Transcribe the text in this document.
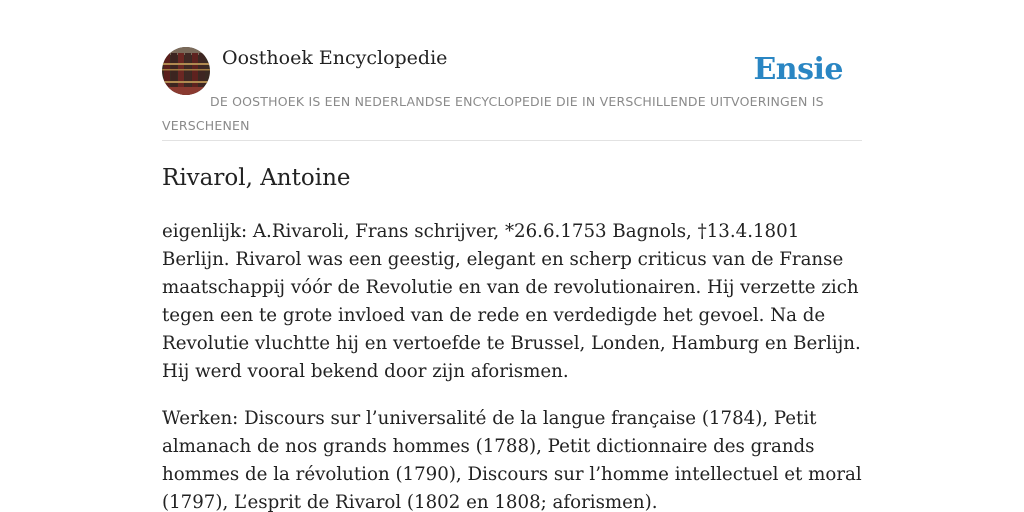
Oosthoek Encyclopedie	Ensie
DE OOSTHOEK IS EEN NEDERLANDSE ENCYCLOPEDIE DIE IN VERSCHILLENDE UITVOERINGEN IS VERSCHENEN
Rivarol, Antoine

eigenlijk: A.Rivaroli, Frans schrijver, *26.6.1753 Bagnols, †13.4.1801 Berlijn. Rivarol was een geestig, elegant en scherp criticus van de Franse maatschappij vóór de Revolutie en van de revolutionairen. Hij verzette zich tegen een te grote invloed van de rede en verdedigde het gevoel. Na de Revolutie vluchtte hij en vertoefde te Brussel, Londen, Hamburg en Berlijn. Hij werd vooral bekend door zijn aforismen.

Werken: Discours sur l’universalité de la langue française (1784), Petit almanach de nos grands hommes (1788), Petit dictionnaire des grands hommes de la révolution (1790), Discours sur l’homme intellectuel et moral (1797), L’esprit de Rivarol (1802 en 1808; aforismen).
